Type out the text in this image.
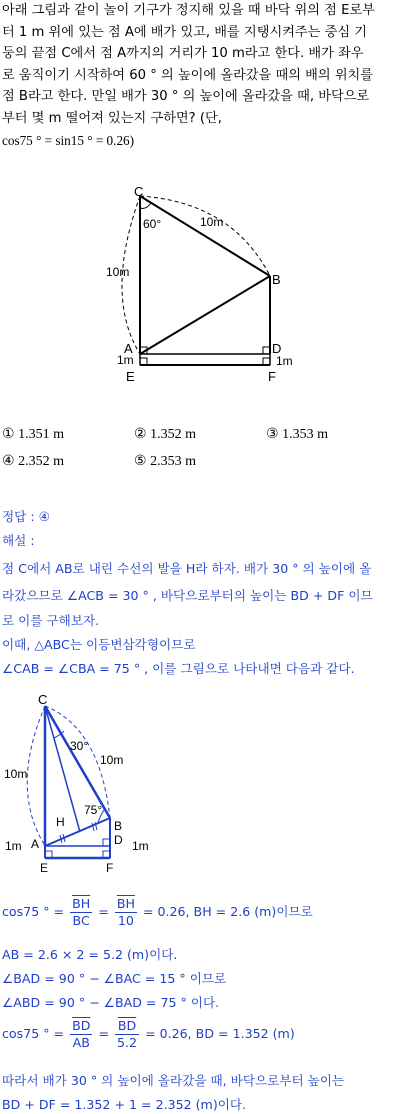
아래 그림과 같이 놀이 기구가 정지해 있을 때 바닥 위의 점 E로부

터 1 m 위에 있는 점 A에 배가 있고, 배를 지탱시켜주는 중심 기

둥의 끝점 C에서 점 A까지의 거리가 10 m라고 한다. 배가 좌우

로 움직이기 시작하여 60 ° 의 높이에 올라갔을 때의 배의 위치를

점 B라고 한다. 만일 배가 30 ° 의 높이에 올라갔을 때, 바닥으로

부터 몇 m 떨어져 있는지 구하면? (단,

cos75 ° = sin15 ° = 0.26)

C
60°	10m
10m	B
A	D
1m	1m
E	F
① 1.351 m	② 1.352 m	③ 1.353 m
④ 2.352 m	⑤ 2.353 m
정답 : ④
해설 :
점 C에서 AB로 내린 수선의 발을 H라 하자. 배가 30 ° 의 높이에 올
라갔으므로 ∠ACB = 30 ° , 바닥으로부터의 높이는 BD + DF 이므
로 이를 구해보자.
이때, △ABC는 이등변삼각형이므로
∠CAB = ∠CBA = 75 ° , 이를 그림으로 나타내면 다음과 같다.
C
30°
10m
10m
75°
H	B
A	D
1m	1m
E	F
cos75 ° = $\frac{\overline{BH}}{BC} = \frac{\overline{BH}}{10} = 0.26$, BH = 2.6 (m)이므로
AB = 2.6 × 2 = 5.2 (m)이다.
∠BAD = 90 ° − ∠BAC = 15 ° 이므로
∠ABD = 90 ° − ∠BAD = 75 ° 이다.
cos75 ° = $\frac{\overline{BD}}{AB} = \frac{\overline{BD}}{5.2} = 0.26$, BD = 1.352 (m)
따라서 배가 30 ° 의 높이에 올라갔을 때, 바닥으로부터 높이는
BD + DF = 1.352 + 1 = 2.352 (m)이다.
